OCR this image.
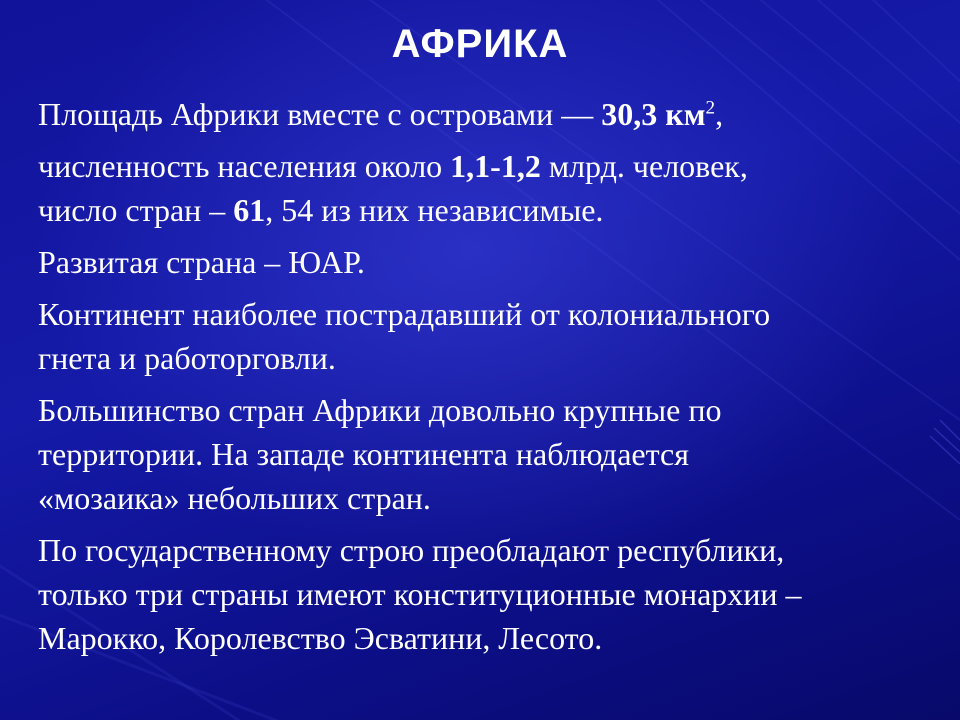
АФРИКА

Площадь Африки вместе с островами — 30,3 $км^2$,

численность населения около 1,1-1,2 млрд. человек,
число стран – 61, 54 из них независимые.

Развитая страна – ЮАР.

Континент наиболее пострадавший от колониального
гнета и работорговли.

Большинство стран Африки довольно крупные по
территории. На западе континента наблюдается
«мозаика» небольших стран.

По государственному строю преобладают республики,
только три страны имеют конституционные монархии –
Марокко, Королевство Эсватини, Лесото.
